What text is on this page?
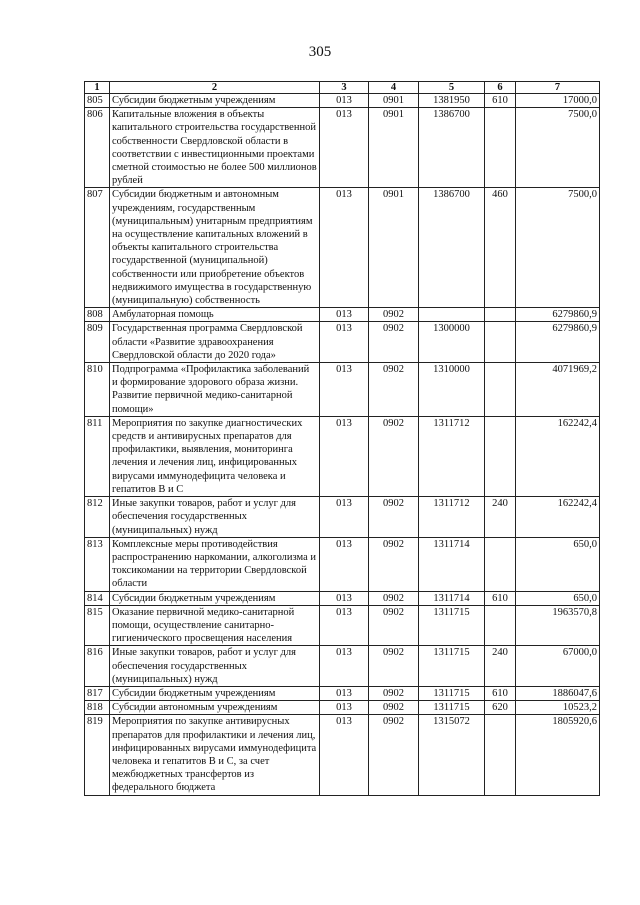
305
1	2	3	4	5	6	7
805	Субсидии бюджетным учреждениям	013	0901	1381950	610	17000,0
806	Капитальные вложения в объекты капитального строительства государственной собственности Свердловской области в соответствии с инвестиционными проектами сметной стоимостью не более 500 миллионов рублей	013	0901	1386700		7500,0
807	Субсидии бюджетным и автономным учреждениям, государственным (муниципальным) унитарным предприятиям на осуществление капитальных вложений в объекты капитального строительства государственной (муниципальной) собственности или приобретение объектов недвижимого имущества в государственную (муниципальную) собственность	013	0901	1386700	460	7500,0
808	Амбулаторная помощь	013	0902			6279860,9
809	Государственная программа Свердловской области «Развитие здравоохранения Свердловской области до 2020 года»	013	0902	1300000		6279860,9
810	Подпрограмма «Профилактика заболеваний и формирование здорового образа жизни. Развитие первичной медико-санитарной помощи»	013	0902	1310000		4071969,2
811	Мероприятия по закупке диагностических средств и антивирусных препаратов для профилактики, выявления, мониторинга лечения и лечения лиц, инфицированных вирусами иммунодефицита человека и гепатитов В и С	013	0902	1311712		162242,4
812	Иные закупки товаров, работ и услуг для обеспечения государственных (муниципальных) нужд	013	0902	1311712	240	162242,4
813	Комплексные меры противодействия распространению наркомании, алкоголизма и токсикомании на территории Свердловской области	013	0902	1311714		650,0
814	Субсидии бюджетным учреждениям	013	0902	1311714	610	650,0
815	Оказание первичной медико-санитарной помощи, осуществление санитарно-гигиенического просвещения населения	013	0902	1311715		1963570,8
816	Иные закупки товаров, работ и услуг для обеспечения государственных (муниципальных) нужд	013	0902	1311715	240	67000,0
817	Субсидии бюджетным учреждениям	013	0902	1311715	610	1886047,6
818	Субсидии автономным учреждениям	013	0902	1311715	620	10523,2
819	Мероприятия по закупке антивирусных препаратов для профилактики и лечения лиц, инфицированных вирусами иммунодефицита человека и гепатитов В и С, за счет межбюджетных трансфертов из федерального бюджета	013	0902	1315072		1805920,6
